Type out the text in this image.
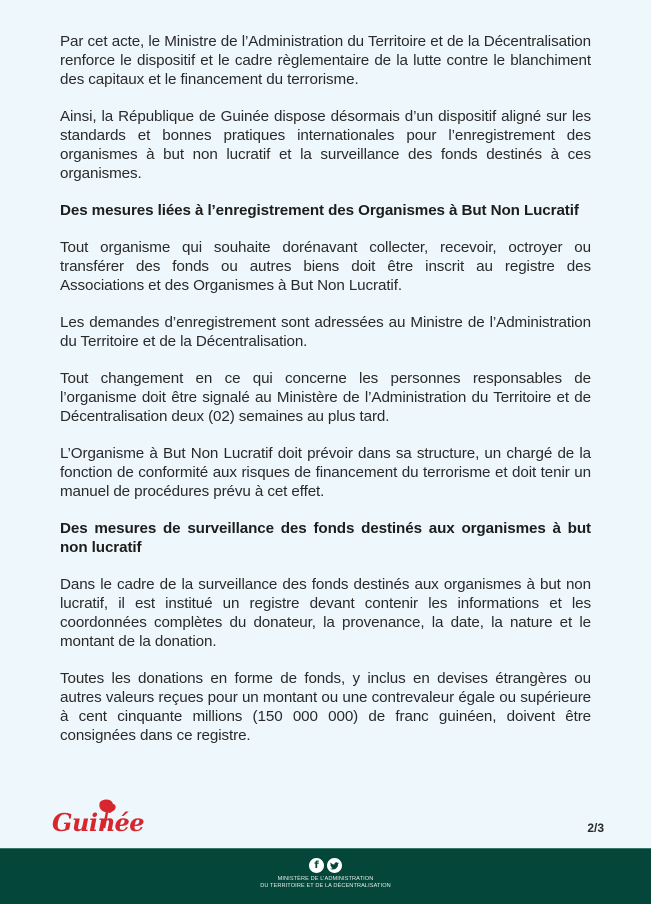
Par cet acte, le Ministre de l’Administration du Territoire et de la Décentralisation renforce le dispositif et le cadre règlementaire de la lutte contre le blanchiment des capitaux et le financement du terrorisme.

Ainsi, la République de Guinée dispose désormais d’un dispositif aligné sur les standards et bonnes pratiques internationales pour l’enregistrement des organismes à but non lucratif et la surveillance des fonds destinés à ces organismes.

Des mesures liées à l’enregistrement des Organismes à But Non Lucratif

Tout organisme qui souhaite dorénavant collecter, recevoir, octroyer ou transférer des fonds ou autres biens doit être inscrit au registre des Associations et des Organismes à But Non Lucratif.

Les demandes d’enregistrement sont adressées au Ministre de l’Administration du Territoire et de la Décentralisation.

Tout changement en ce qui concerne les personnes responsables de l’organisme doit être signalé au Ministère de l’Administration du Territoire et de Décentralisation deux (02) semaines au plus tard.

L’Organisme à But Non Lucratif doit prévoir dans sa structure, un chargé de la fonction de conformité aux risques de financement du terrorisme et doit tenir un manuel de procédures prévu à cet effet.

Des mesures de surveillance des fonds destinés aux organismes à but non lucratif

Dans le cadre de la surveillance des fonds destinés aux organismes à but non lucratif, il est institué un registre devant contenir les informations et les coordonnées complètes du donateur, la provenance, la date, la nature et le montant de la donation.

Toutes les donations en forme de fonds, y inclus en devises étrangères ou autres valeurs reçues pour un montant ou une contrevaleur égale ou supérieure à cent cinquante millions (150 000 000) de franc guinéen, doivent être consignées dans ce registre.

Guinée	2/3
f
MINISTÈRE DE L’ADMINISTRATION
DU TERRITOIRE ET DE LA DÉCENTRALISATION
